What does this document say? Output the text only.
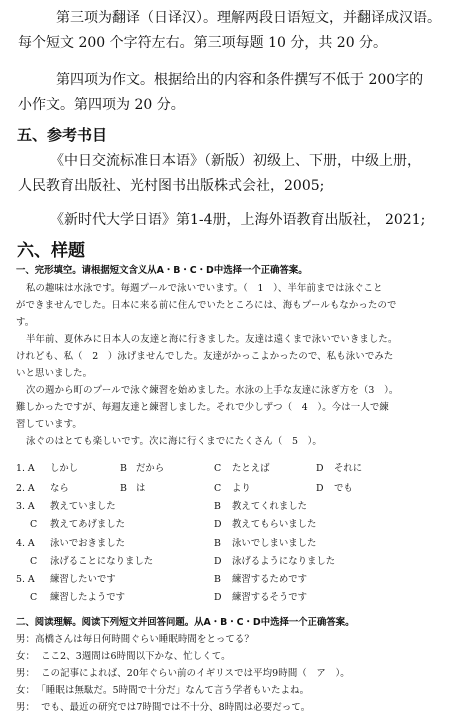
第三项为翻译（日译汉）。理解两段日语短文，并翻译成汉语。

每个短文 200 个字符左右。第三项每题 10 分，共 20 分。

第四项为作文。根据给出的内容和条件撰写不低于 200字的

小作文。第四项为 20 分。

五、参考书目

《中日交流标准日本语》（新版）初级上、下册，中级上册，

人民教育出版社、光村图书出版株式会社，2005;

《新时代大学日语》第1-4册，上海外语教育出版社， 2021;

六、样题

一、完形填空。请根据短文含义从A・B・C・D中选择一个正确答案。

私の趣味は水泳です。毎週プールで泳いでいます。（　1　）、半年前までは泳ぐこと

ができませんでした。日本に来る前に住んでいたところには、海もプールもなかったので

す。

半年前、夏休みに日本人の友達と海に行きました。友達は遠くまで泳いでいきました。

けれども、私（　2　）泳げませんでした。友達がかっこよかったので、私も泳いでみた

いと思いました。

次の週から町のプールで泳ぐ練習を始めました。水泳の上手な友達に泳ぎ方を（3　）。

難しかったですが、毎週友達と練習しました。それで少しずつ（　4　）。今は一人で練

習しています。

泳ぐのはとても楽しいです。次に海に行くまでにたくさん（　5　）。

1. A しかし	B だから	C たとえば	D それに
2. A なら	B は	C より	D でも
3. A 教えていました	B 教えてくれました
C 教えてあげました	D 教えてもらいました
4. A 泳いでおきました	B 泳いでしまいました
C 泳げることになりました	D 泳げるようになりました
5. A 練習したいです	B 練習するためです
C 練習したようです	D 練習するそうです

二、阅读理解。阅读下列短文并回答问题。从A・B・C・D中选择一个正确答案。

男：高橋さんは毎日何時間ぐらい睡眠時間をとってる？

女： ここ2、3週間は6時間以下かな、忙しくて。

男： この記事によれば、20年ぐらい前のイギリスでは平均9時間（　ア　）。

女： 「睡眠は無駄だ。5時間で十分だ」なんて言う学者もいたよね。

男： でも、最近の研究では7時間では不十分、8時間は必要だって。
